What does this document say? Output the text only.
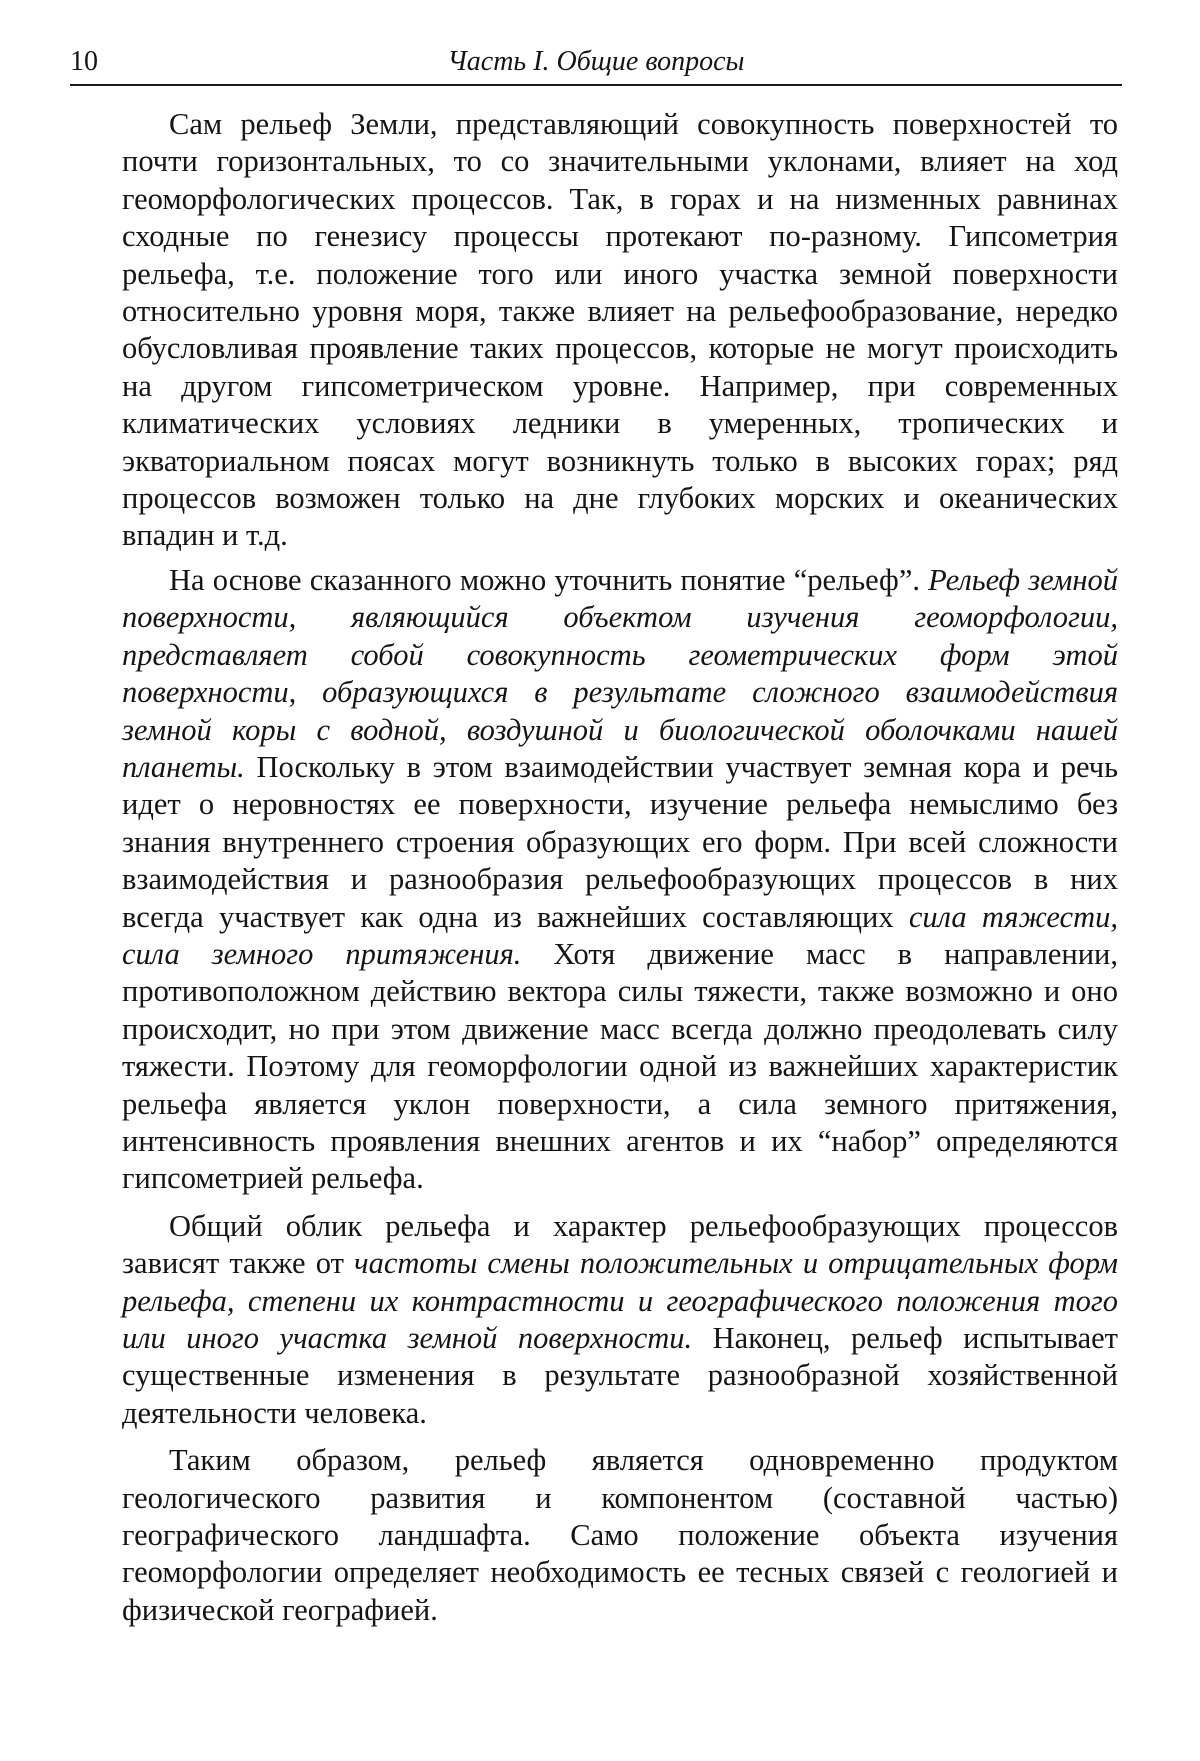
10	Часть I. Общие вопросы

Сам рельеф Земли, представляющий совокупность поверхностей то почти горизонтальных, то со значительными уклонами, влияет на ход геоморфологических процессов. Так, в горах и на низменных равнинах сходные по генезису процессы протекают по-разному. Гипсометрия рельефа, т.е. положение того или иного участка земной поверхности относительно уровня моря, также влияет на рельефообразование, нередко обусловливая проявление таких процессов, которые не могут происходить на другом гипсометрическом уровне. Например, при современных климатических условиях ледники в умеренных, тропических и экваториальном поясах могут возникнуть только в высоких горах; ряд процессов возможен только на дне глубоких морских и океанических впадин и т.д.

На основе сказанного можно уточнить понятие “рельеф”. Рельеф земной поверхности, являющийся объектом изучения геоморфологии, представляет собой совокупность геометрических форм этой поверхности, образующихся в результате сложного взаимодействия земной коры с водной, воздушной и биологической оболочками нашей планеты. Поскольку в этом взаимодействии участвует земная кора и речь идет о неровностях ее поверхности, изучение рельефа немыслимо без знания внутреннего строения образующих его форм. При всей сложности взаимодействия и разнообразия рельефообразующих процессов в них всегда участвует как одна из важнейших составляющих сила тяжести, сила земного притяжения. Хотя движение масс в направлении, противоположном действию вектора силы тяжести, также возможно и оно происходит, но при этом движение масс всегда должно преодолевать силу тяжести. Поэтому для геоморфологии одной из важнейших характеристик рельефа является уклон поверхности, а сила земного притяжения, интенсивность проявления внешних агентов и их “набор” определяются гипсометрией рельефа.

Общий облик рельефа и характер рельефообразующих процессов зависят также от частоты смены положительных и отрицательных форм рельефа, степени их контрастности и географического положения того или иного участка земной поверхности. Наконец, рельеф испытывает существенные изменения в результате разнообразной хозяйственной деятельности человека.

Таким образом, рельеф является одновременно продуктом геологического развития и компонентом (составной частью) географического ландшафта. Само положение объекта изучения геоморфологии определяет необходимость ее тесных связей с геологией и физической географией.
